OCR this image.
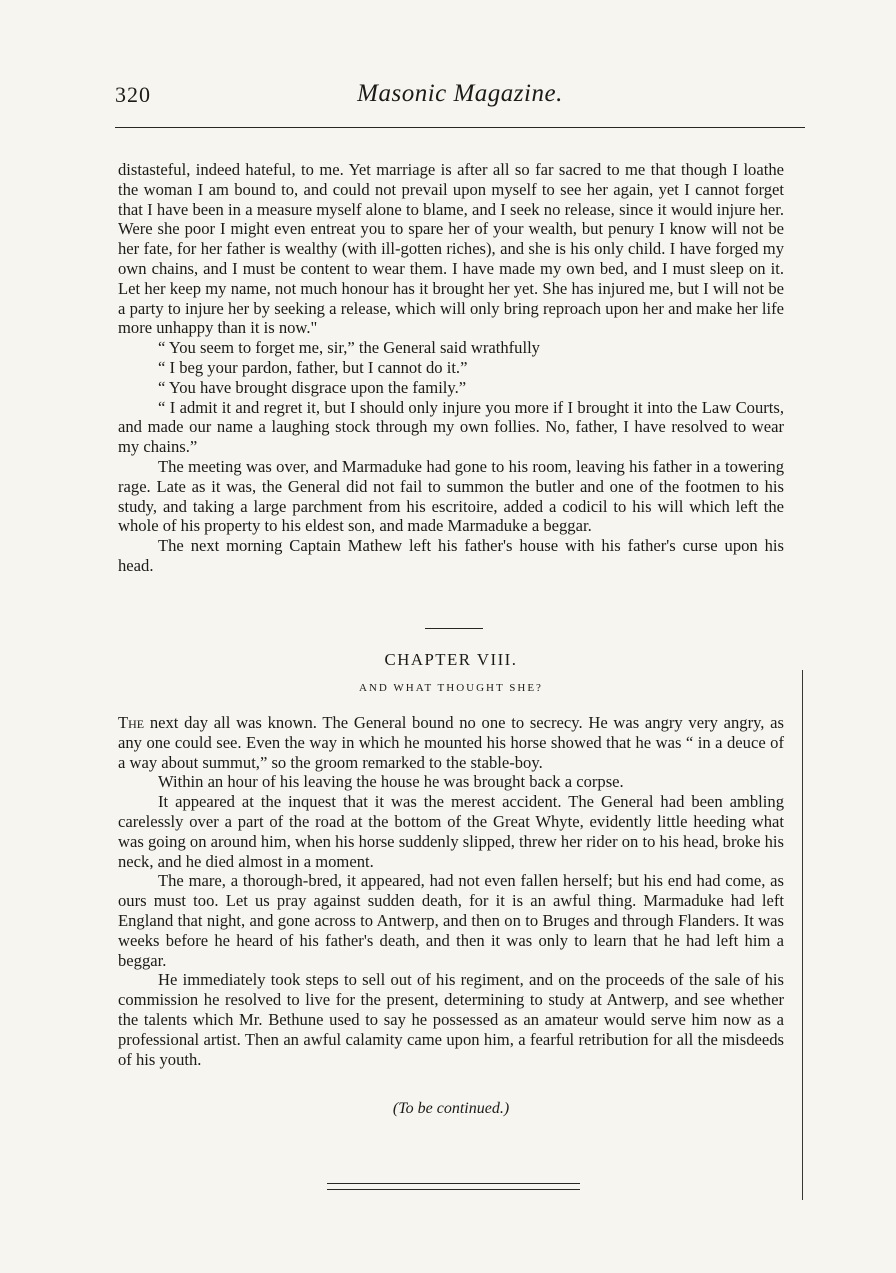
320	Masonic Magazine.

distasteful, indeed hateful, to me. Yet marriage is after all so far sacred to me that though I loathe the woman I am bound to, and could not prevail upon myself to see her again, yet I cannot forget that I have been in a measure myself alone to blame, and I seek no release, since it would injure her. Were she poor I might even entreat you to spare her of your wealth, but penury I know will not be her fate, for her father is wealthy (with ill-gotten riches), and she is his only child. I have forged my own chains, and I must be content to wear them. I have made my own bed, and I must sleep on it. Let her keep my name, not much honour has it brought her yet. She has injured me, but I will not be a party to injure her by seeking a release, which will only bring reproach upon her and make her life more unhappy than it is now."

“ You seem to forget me, sir,” the General said wrathfully

“ I beg your pardon, father, but I cannot do it.”

“ You have brought disgrace upon the family.”

“ I admit it and regret it, but I should only injure you more if I brought it into the Law Courts, and made our name a laughing stock through my own follies. No, father, I have resolved to wear my chains.”

The meeting was over, and Marmaduke had gone to his room, leaving his father in a towering rage. Late as it was, the General did not fail to summon the butler and one of the footmen to his study, and taking a large parchment from his escritoire, added a codicil to his will which left the whole of his property to his eldest son, and made Marmaduke a beggar.

The next morning Captain Mathew left his father's house with his father's curse upon his head.

CHAPTER VIII.
AND WHAT THOUGHT SHE?

The next day all was known. The General bound no one to secrecy. He was angry very angry, as any one could see. Even the way in which he mounted his horse showed that he was “ in a deuce of a way about summut,” so the groom remarked to the stable-boy.

Within an hour of his leaving the house he was brought back a corpse.

It appeared at the inquest that it was the merest accident. The General had been ambling carelessly over a part of the road at the bottom of the Great Whyte, evidently little heeding what was going on around him, when his horse suddenly slipped, threw her rider on to his head, broke his neck, and he died almost in a moment.

The mare, a thorough-bred, it appeared, had not even fallen herself; but his end had come, as ours must too. Let us pray against sudden death, for it is an awful thing. Marmaduke had left England that night, and gone across to Antwerp, and then on to Bruges and through Flanders. It was weeks before he heard of his father's death, and then it was only to learn that he had left him a beggar.

He immediately took steps to sell out of his regiment, and on the proceeds of the sale of his commission he resolved to live for the present, determining to study at Antwerp, and see whether the talents which Mr. Bethune used to say he possessed as an amateur would serve him now as a professional artist. Then an awful calamity came upon him, a fearful retribution for all the misdeeds of his youth.

(To be continued.)
